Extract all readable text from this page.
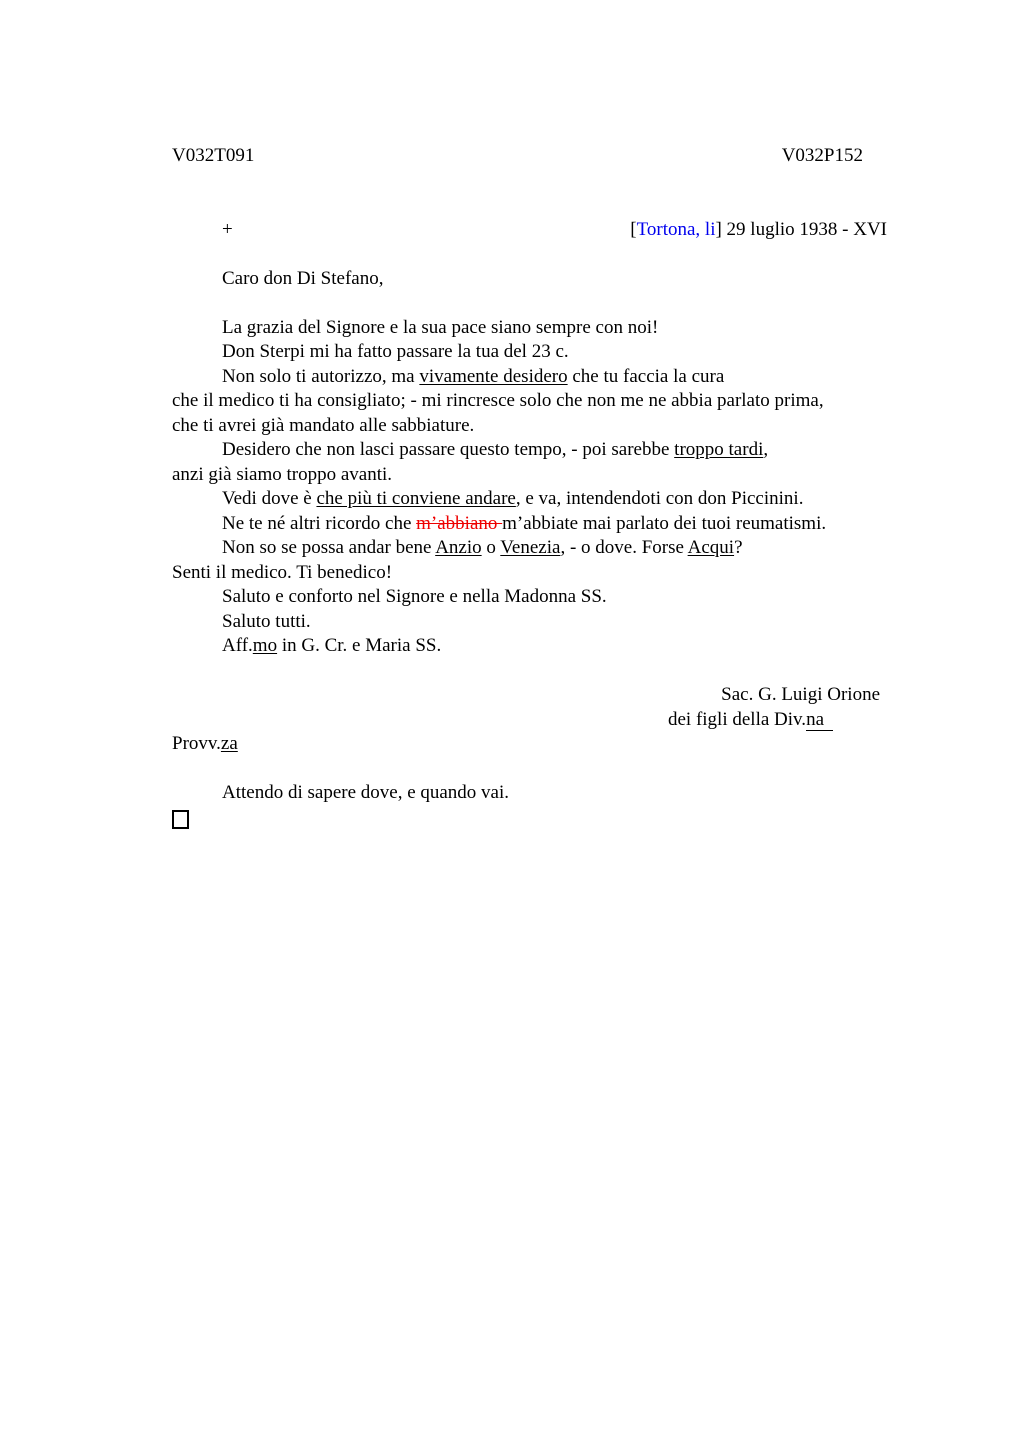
V032T091	V032P152
+	[Tortona, li] 29 luglio 1938 - XVI
Caro don Di Stefano,
La grazia del Signore e la sua pace siano sempre con noi!
Don Sterpi mi ha fatto passare la tua del 23 c.
Non solo ti autorizzo, ma vivamente desidero che tu faccia la cura
che il medico ti ha consigliato; - mi rincresce solo che non me ne abbia parlato prima,
che ti avrei già mandato alle sabbiature.
Desidero che non lasci passare questo tempo, - poi sarebbe troppo tardi,
anzi già siamo troppo avanti.
Vedi dove è che più ti conviene andare, e va, intendendoti con don Piccinini.
Ne te né altri ricordo che m’abbiano m’abbiate mai parlato dei tuoi reumatismi.
Non so se possa andar bene Anzio o Venezia, - o dove. Forse Acqui?
Senti il medico. Ti benedico!
Saluto e conforto nel Signore e nella Madonna SS.
Saluto tutti.
Aff.mo in G. Cr. e Maria SS.
Sac. G. Luigi Orione
dei figli della Div.na
Provv.za
Attendo di sapere dove, e quando vai.
